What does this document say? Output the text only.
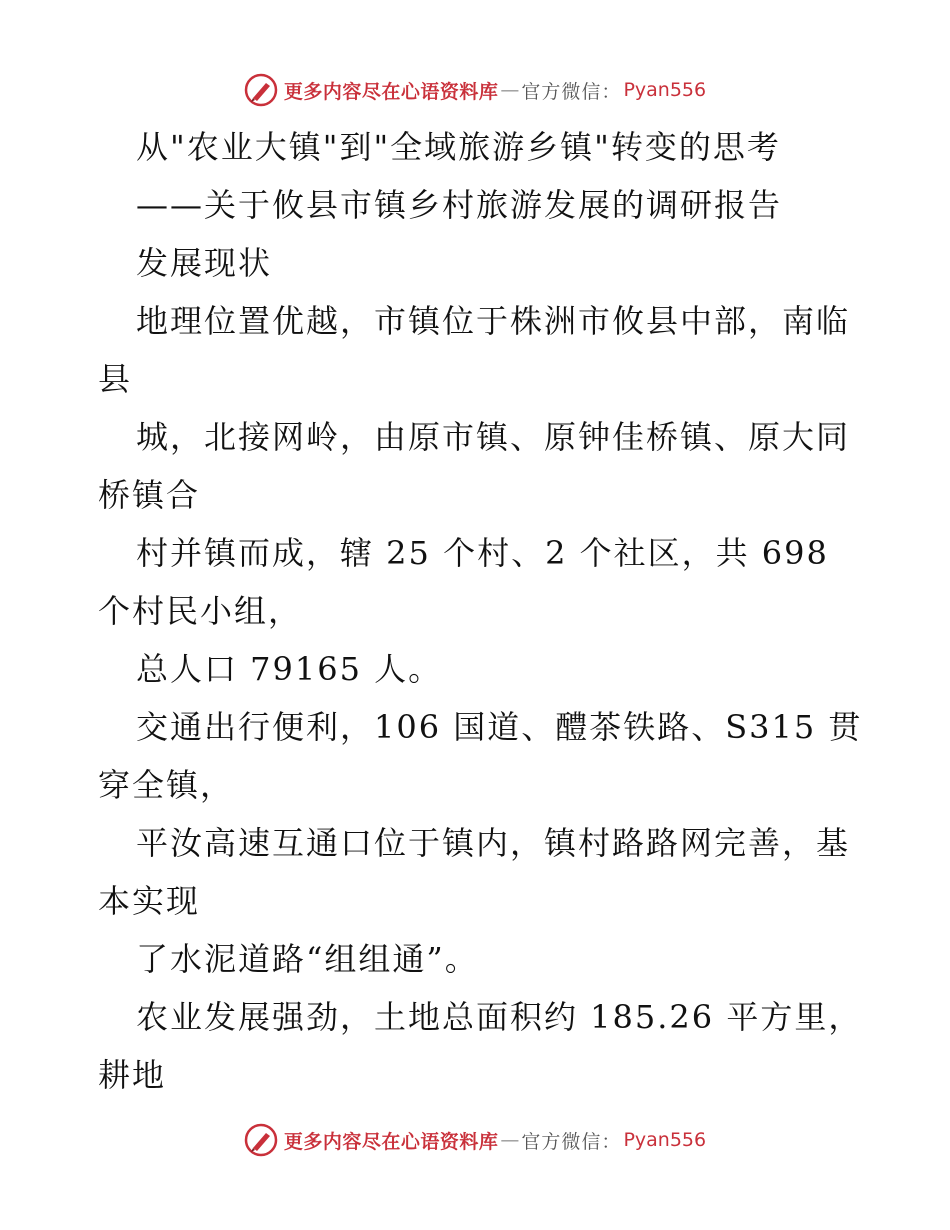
更多内容尽在心语资料库 — 官方微信： Pyan556
从"农业大镇"到"全域旅游乡镇"转变的思考
——关于攸县市镇乡村旅游发展的调研报告
发展现状
地理位置优越，市镇位于株洲市攸县中部，南临
县
城，北接网岭，由原市镇、原钟佳桥镇、原大同
桥镇合
村并镇而成，辖 25 个村、2 个社区，共 698
个村民小组，
总人口 79165 人。
交通出行便利，106 国道、醴茶铁路、S315 贯
穿全镇，
平汝高速互通口位于镇内，镇村路路网完善，基
本实现
了水泥道路“组组通”。
农业发展强劲，土地总面积约 185.26 平方里，
耕地
更多内容尽在心语资料库 — 官方微信： Pyan556
